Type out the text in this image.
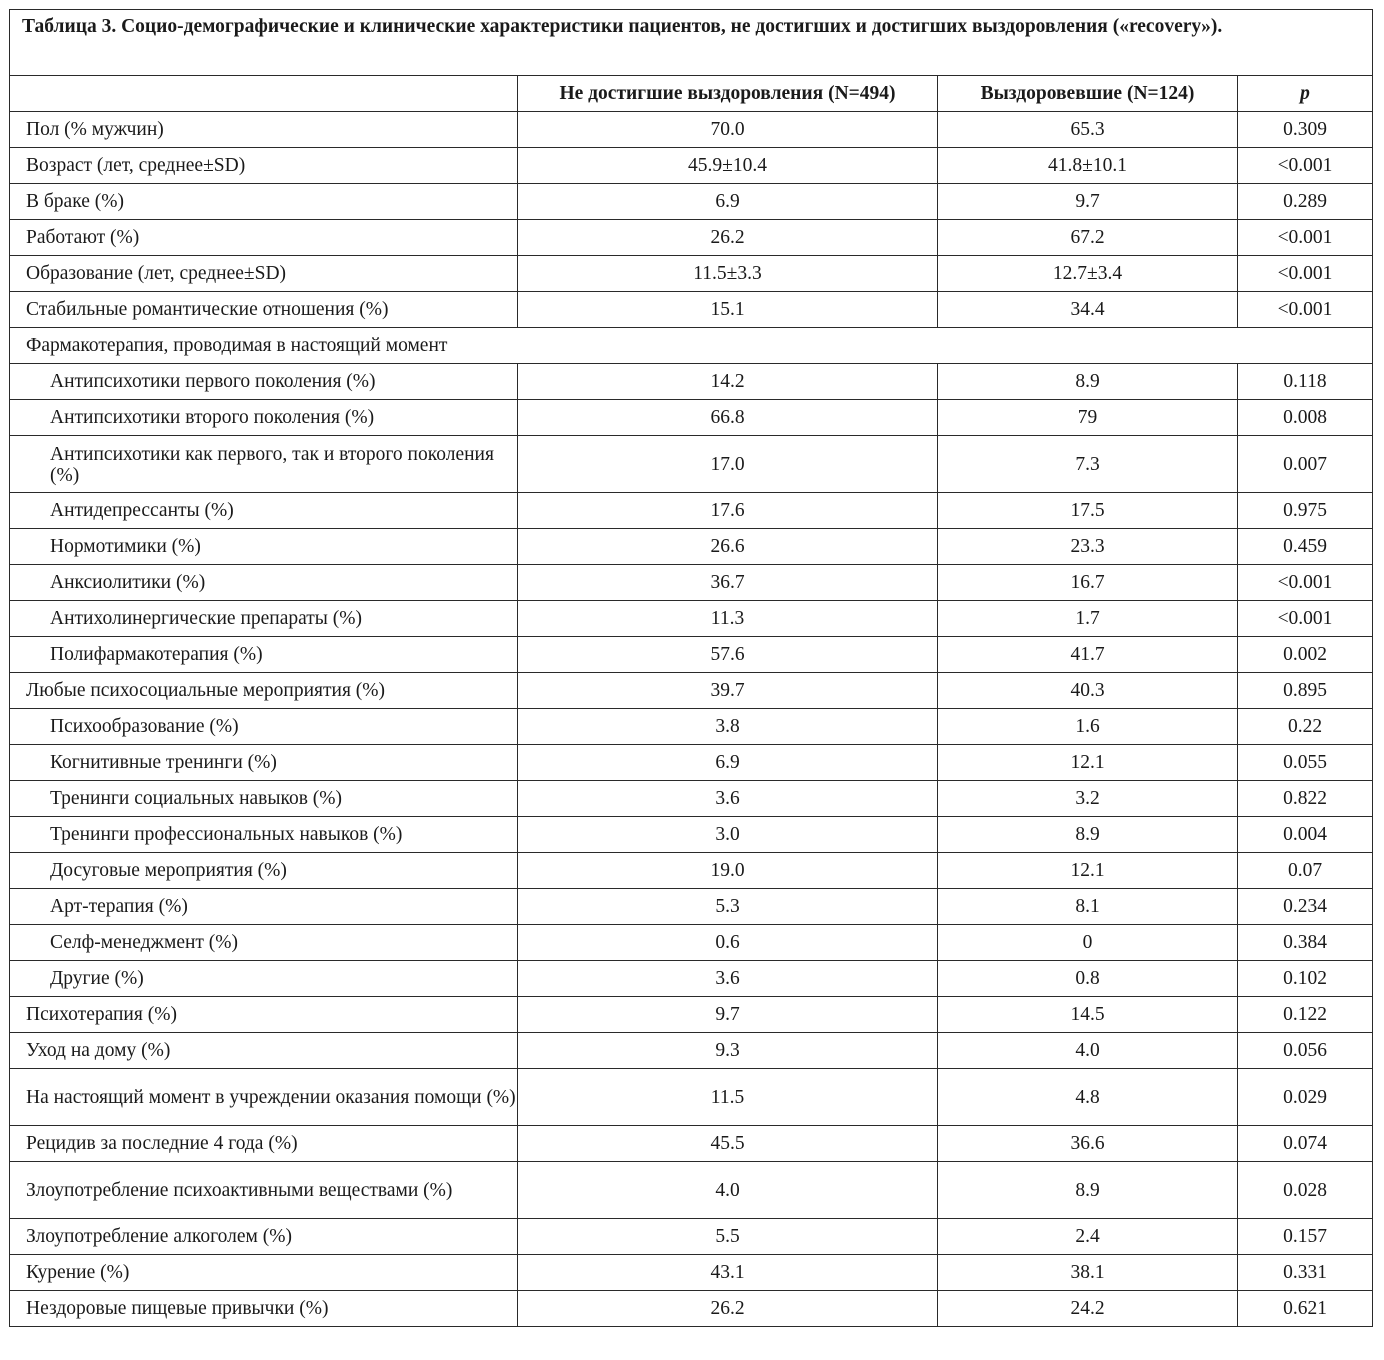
Таблица 3. Социо-демографические и клинические характеристики пациентов, не достигших и достигших выздоровления («recovery»).			
	Не достигшие выздоровления (N=494)	Выздоровевшие (N=124)	p
Пол (% мужчин)	70.0	65.3	0.309
Возраст (лет, среднее±SD)	45.9±10.4	41.8±10.1	<0.001
В браке (%)	6.9	9.7	0.289
Работают (%)	26.2	67.2	<0.001
Образование (лет, среднее±SD)	11.5±3.3	12.7±3.4	<0.001
Стабильные романтические отношения (%)	15.1	34.4	<0.001
Фармакотерапия, проводимая в настоящий момент			
Антипсихотики первого поколения (%)	14.2	8.9	0.118
Антипсихотики второго поколения (%)	66.8	79	0.008
Антипсихотики как первого, так и второго поколения (%)	17.0	7.3	0.007
Антидепрессанты (%)	17.6	17.5	0.975
Нормотимики (%)	26.6	23.3	0.459
Анксиолитики (%)	36.7	16.7	<0.001
Антихолинергические препараты (%)	11.3	1.7	<0.001
Полифармакотерапия (%)	57.6	41.7	0.002
Любые психосоциальные мероприятия (%)	39.7	40.3	0.895
Психообразование (%)	3.8	1.6	0.22
Когнитивные тренинги (%)	6.9	12.1	0.055
Тренинги социальных навыков (%)	3.6	3.2	0.822
Тренинги профессиональных навыков (%)	3.0	8.9	0.004
Досуговые мероприятия (%)	19.0	12.1	0.07
Арт-терапия (%)	5.3	8.1	0.234
Селф-менеджмент (%)	0.6	0	0.384
Другие (%)	3.6	0.8	0.102
Психотерапия (%)	9.7	14.5	0.122
Уход на дому (%)	9.3	4.0	0.056
На настоящий момент в учреждении оказания помощи (%)	11.5	4.8	0.029
Рецидив за последние 4 года (%)	45.5	36.6	0.074
Злоупотребление психоактивными веществами (%)	4.0	8.9	0.028
Злоупотребление алкоголем (%)	5.5	2.4	0.157
Курение (%)	43.1	38.1	0.331
Нездоровые пищевые привычки (%)	26.2	24.2	0.621
